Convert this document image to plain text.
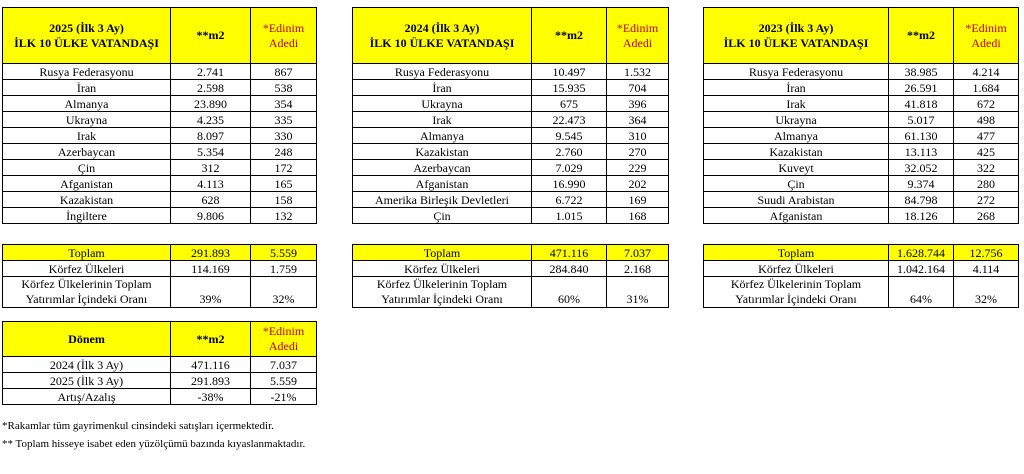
2025 (İlk 3 Ay)
İLK 10 ÜLKE VATANDAŞI	**m2	*Edinim
Adedi
Rusya Federasyonu	2.741	867
İran	2.598	538
Almanya	23.890	354
Ukrayna	4.235	335
Irak	8.097	330
Azerbaycan	5.354	248
Çin	312	172
Afganistan	4.113	165
Kazakistan	628	158
İngiltere	9.806	132
Toplam	291.893	5.559
Körfez Ülkeleri	114.169	1.759
Körfez Ülkelerinin Toplam
Yatırımlar İçindeki Oranı	39%	32%
2024 (İlk 3 Ay)
İLK 10 ÜLKE VATANDAŞI	**m2	*Edinim
Adedi
Rusya Federasyonu	10.497	1.532
İran	15.935	704
Ukrayna	675	396
Irak	22.473	364
Almanya	9.545	310
Kazakistan	2.760	270
Azerbaycan	7.029	229
Afganistan	16.990	202
Amerika Birleşik Devletleri	6.722	169
Çin	1.015	168
Toplam	471.116	7.037
Körfez Ülkeleri	284.840	2.168
Körfez Ülkelerinin Toplam
Yatırımlar İçindeki Oranı	60%	31%
2023 (İlk 3 Ay)
İLK 10 ÜLKE VATANDAŞI	**m2	*Edinim
Adedi
Rusya Federasyonu	38.985	4.214
İran	26.591	1.684
Irak	41.818	672
Ukrayna	5.017	498
Almanya	61.130	477
Kazakistan	13.113	425
Kuveyt	32.052	322
Çin	9.374	280
Suudi Arabistan	84.798	272
Afganistan	18.126	268
Toplam	1.628.744	12.756
Körfez Ülkeleri	1.042.164	4.114
Körfez Ülkelerinin Toplam
Yatırımlar İçindeki Oranı	64%	32%
Dönem	**m2	*Edinim
Adedi
2024 (İlk 3 Ay)	471.116	7.037
2025 (İlk 3 Ay)	291.893	5.559
Artış/Azalış	-38%	-21%
*Rakamlar tüm gayrimenkul cinsindeki satışları içermektedir.
** Toplam hisseye isabet eden yüzölçümü bazında kıyaslanmaktadır.
